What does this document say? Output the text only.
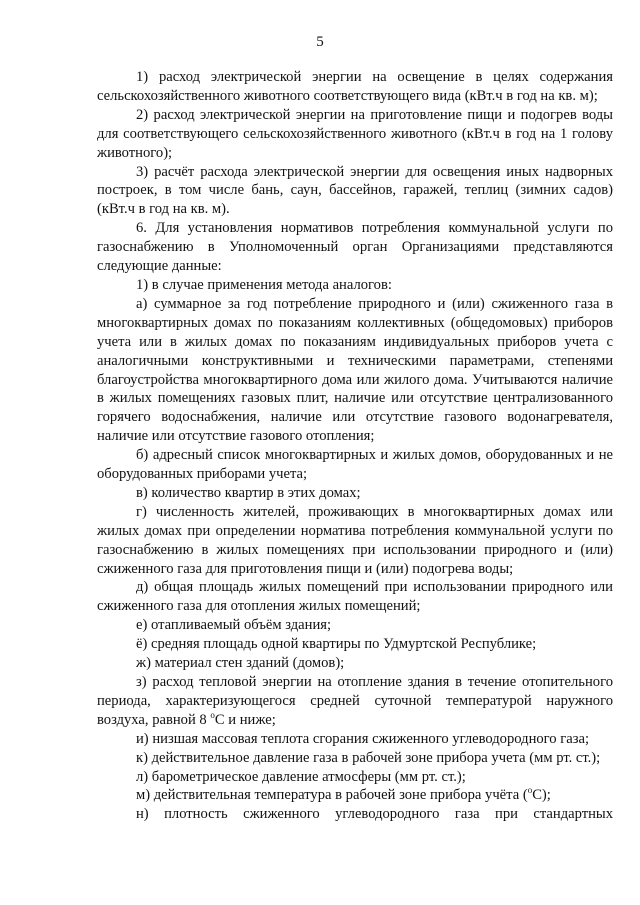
5

1) расход электрической энергии на освещение в целях содержания сельскохозяйственного животного соответствующего вида (кВт.ч в год на кв. м);

2) расход электрической энергии на приготовление пищи и подогрев воды для соответствующего сельскохозяйственного животного (кВт.ч в год на 1 голову животного);

3) расчёт расхода электрической энергии для освещения иных надворных построек, в том числе бань, саун, бассейнов, гаражей, теплиц (зимних садов) (кВт.ч в год на кв. м).

6. Для установления нормативов потребления коммунальной услуги по газоснабжению в Уполномоченный орган Организациями представляются следующие данные:

1) в случае применения метода аналогов:

а) суммарное за год потребление природного и (или) сжиженного газа в многоквартирных домах по показаниям коллективных (общедомовых) приборов учета или в жилых домах по показаниям индивидуальных приборов учета с аналогичными конструктивными и техническими параметрами, степенями благоустройства многоквартирного дома или жилого дома. Учитываются наличие в жилых помещениях газовых плит, наличие или отсутствие централизованного горячего водоснабжения, наличие или отсутствие газового водонагревателя, наличие или отсутствие газового отопления;

б) адресный список многоквартирных и жилых домов, оборудованных и не оборудованных приборами учета;

в) количество квартир в этих домах;

г) численность жителей, проживающих в многоквартирных домах или жилых домах при определении норматива потребления коммунальной услуги по газоснабжению в жилых помещениях при использовании природного и (или) сжиженного газа для приготовления пищи и (или) подогрева воды;

д) общая площадь жилых помещений при использовании природного или сжиженного газа для отопления жилых помещений;

е) отапливаемый объём здания;

ё) средняя площадь одной квартиры по Удмуртской Республике;

ж) материал стен зданий (домов);

з) расход тепловой энергии на отопление здания в течение отопительного периода, характеризующегося средней суточной температурой наружного воздуха, равной 8 $^о$С и ниже;

и) низшая массовая теплота сгорания сжиженного углеводородного газа;

к) действительное давление газа в рабочей зоне прибора учета (мм рт. ст.);

л) барометрическое давление атмосферы (мм рт. ст.);

м) действительная температура в рабочей зоне прибора учёта ($^о$С);

н) плотность сжиженного углеводородного газа при стандартных
